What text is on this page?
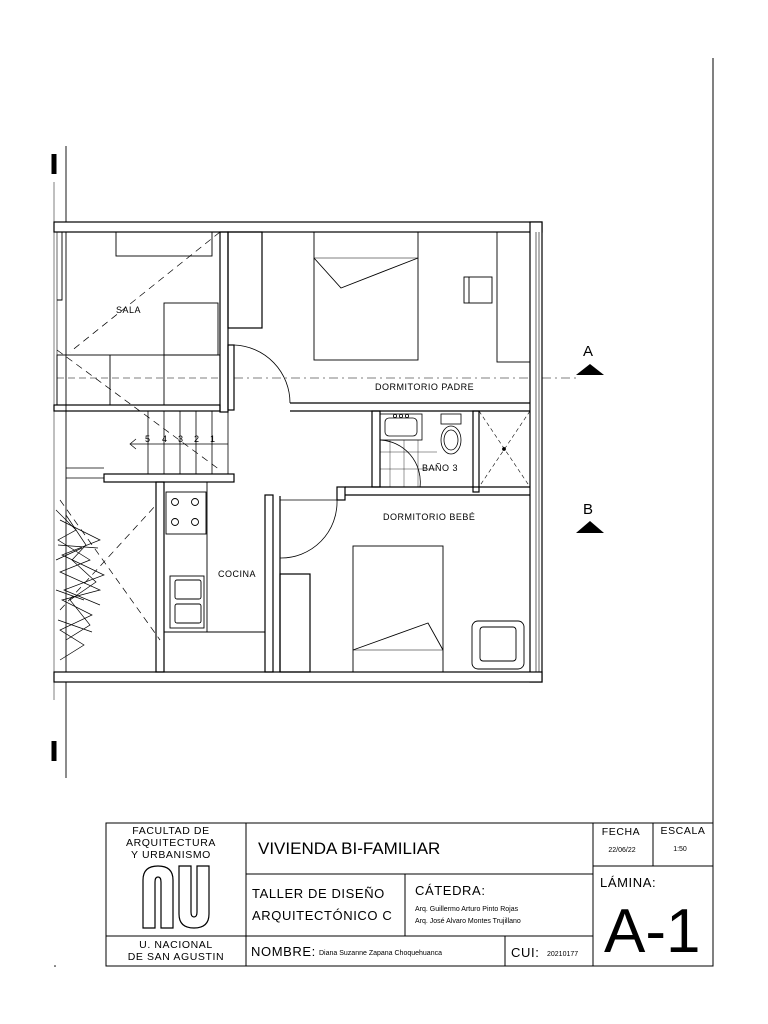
SALA
DORMITORIO PADRE
BAÑO 3
DORMITORIO BEBÉ
COCINA
5 4 3 2 1
A
B
FACULTAD DE
ARQUITECTURA
Y URBANISMO
U. NACIONAL
DE SAN AGUSTIN
VIVIENDA BI-FAMILIAR
TALLER DE DISEÑO
ARQUITECTÓNICO C
CÁTEDRA:
Arq. Guillermo Arturo Pinto Rojas
Arq. José Alvaro Montes Trujillano
NOMBRE: Diana Suzanne Zapana Choquehuanca	CUI: 20210177
FECHA
22/06/22
ESCALA
1:50
LÁMINA:
A-1
